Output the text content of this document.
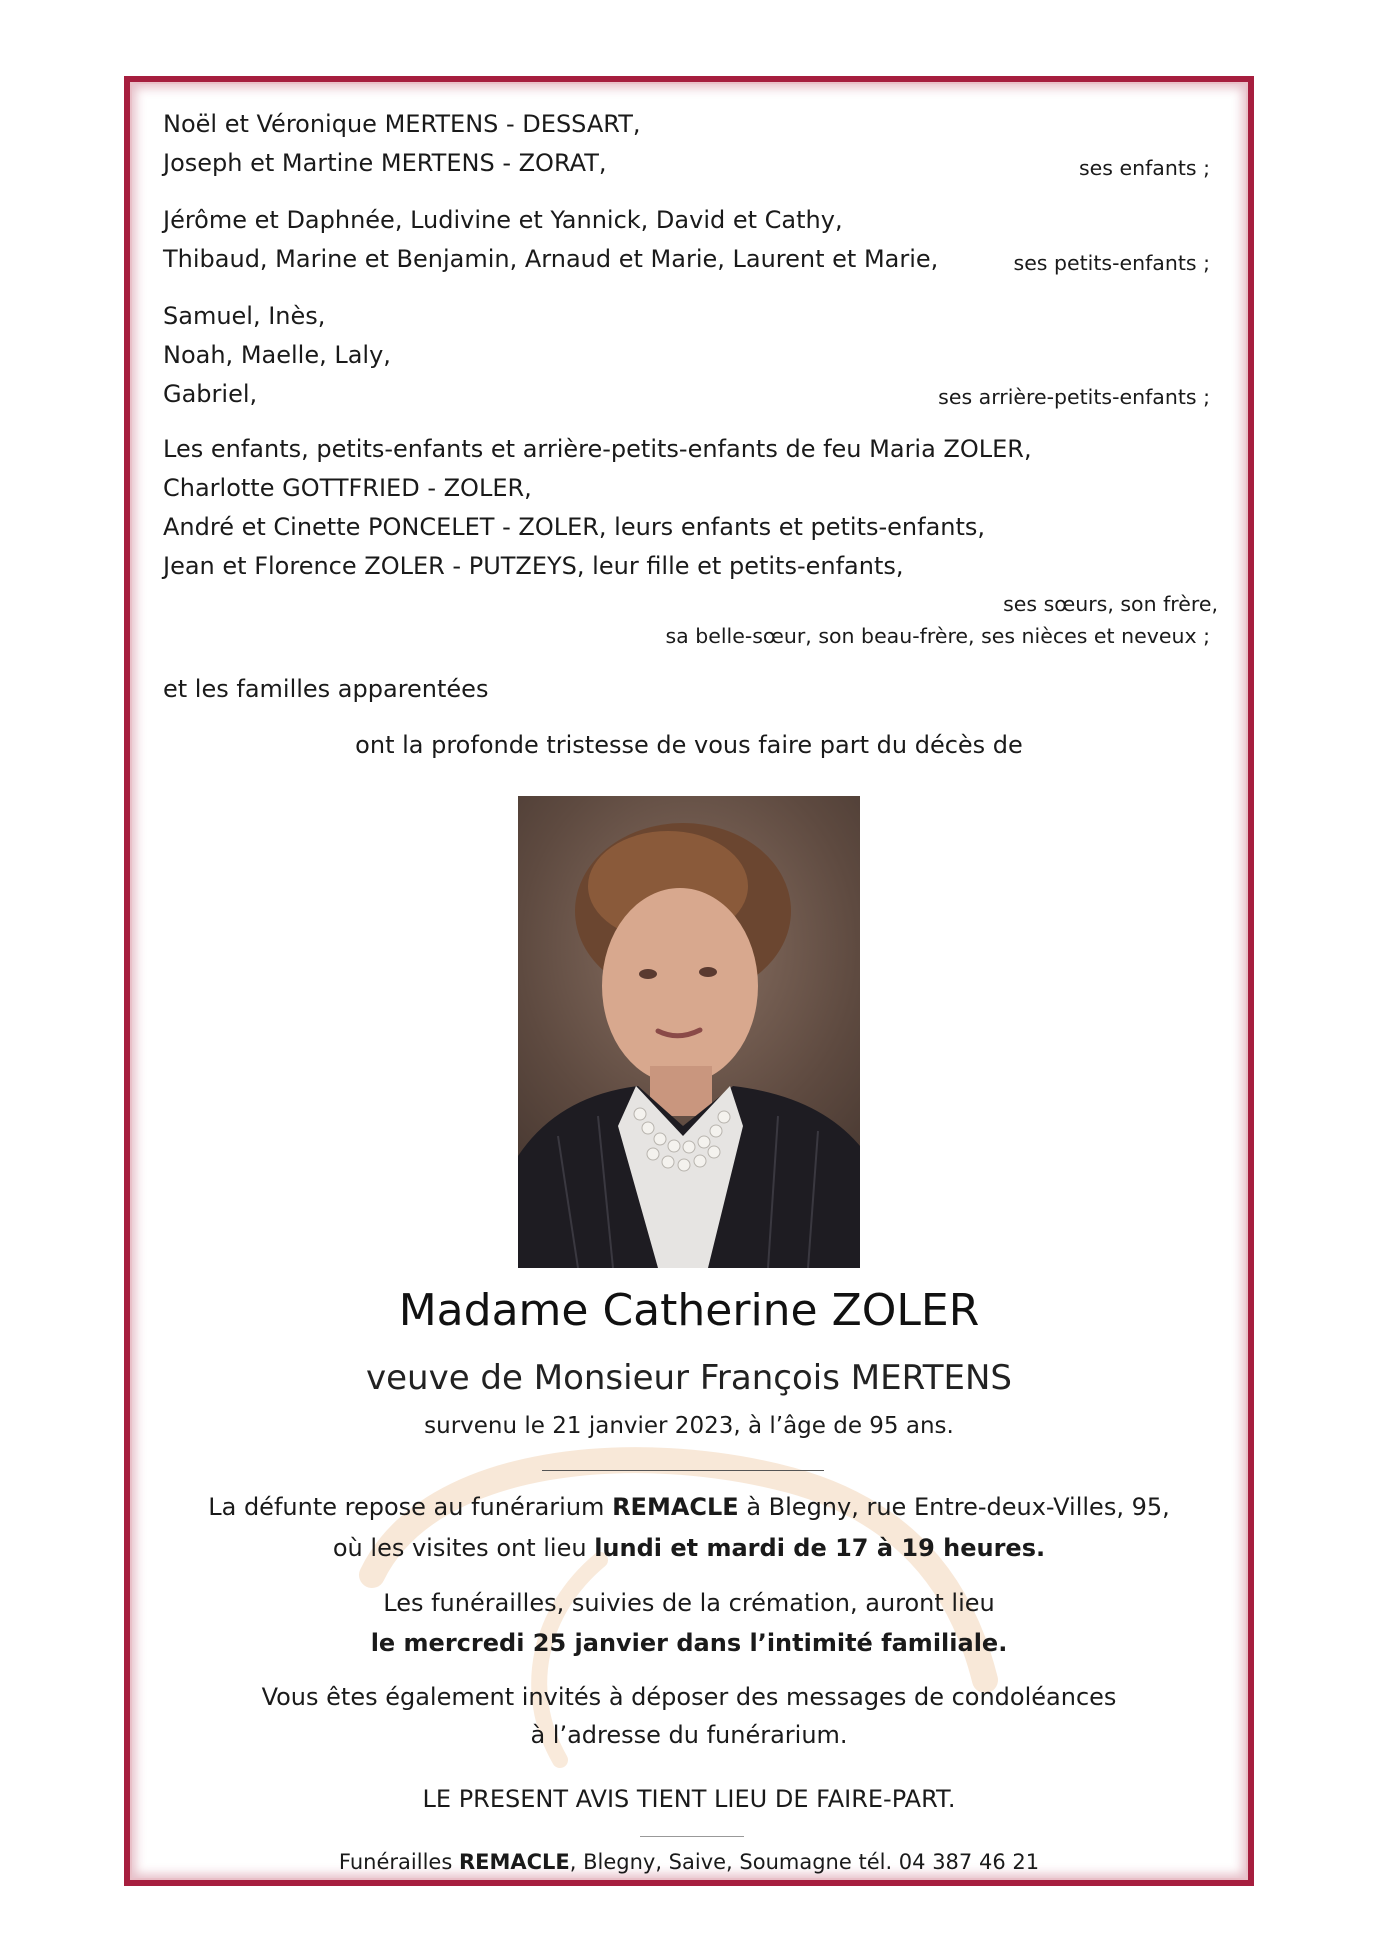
Noël et Véronique MERTENS - DESSART,
Joseph et Martine MERTENS - ZORAT,	ses enfants ;
Jérôme et Daphnée, Ludivine et Yannick, David et Cathy,
Thibaud, Marine et Benjamin, Arnaud et Marie, Laurent et Marie,	ses petits-enfants ;
Samuel, Inès,
Noah, Maelle, Laly,
Gabriel,	ses arrière-petits-enfants ;
Les enfants, petits-enfants et arrière-petits-enfants de feu Maria ZOLER,
Charlotte GOTTFRIED - ZOLER,
André et Cinette PONCELET - ZOLER, leurs enfants et petits-enfants,
Jean et Florence ZOLER - PUTZEYS, leur fille et petits-enfants,
ses sœurs, son frère,
sa belle-sœur, son beau-frère, ses nièces et neveux ;
et les familles apparentées
ont la profonde tristesse de vous faire part du décès de
Madame Catherine ZOLER
veuve de Monsieur François MERTENS
survenu le 21 janvier 2023, à l’âge de 95 ans.
La défunte repose au funérarium REMACLE à Blegny, rue Entre-deux-Villes, 95,
où les visites ont lieu lundi et mardi de 17 à 19 heures.
Les funérailles, suivies de la crémation, auront lieu
le mercredi 25 janvier dans l’intimité familiale.
Vous êtes également invités à déposer des messages de condoléances
à l’adresse du funérarium.
LE PRESENT AVIS TIENT LIEU DE FAIRE-PART.
Funérailles REMACLE, Blegny, Saive, Soumagne tél. 04 387 46 21
